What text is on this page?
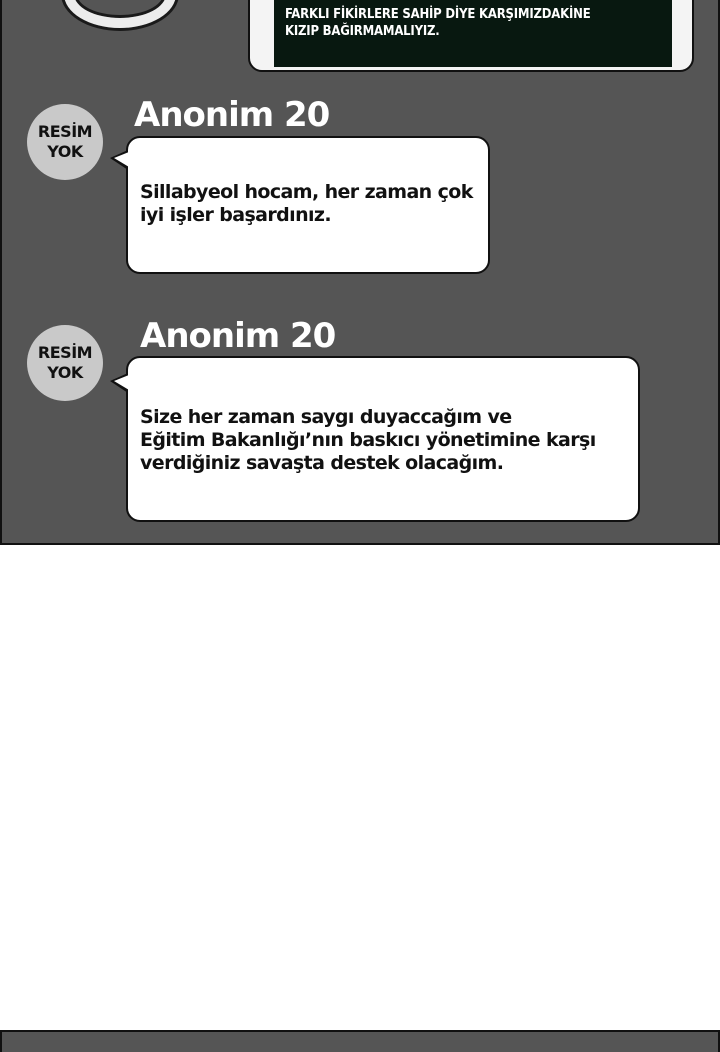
FARKLI FİKİRLERE SAHİP DİYE KARŞIMIZDAKİNE
KIZIP BAĞIRMAMALIYIZ.
RESİM
YOK
Anonim 20
Sillabyeol hocam, her zaman çok
iyi işler başardınız.
RESİM
YOK
Anonim 20
Size her zaman saygı duyaccağım ve
Eğitim Bakanlığı’nın baskıcı yönetimine karşı
verdiğiniz savaşta destek olacağım.
